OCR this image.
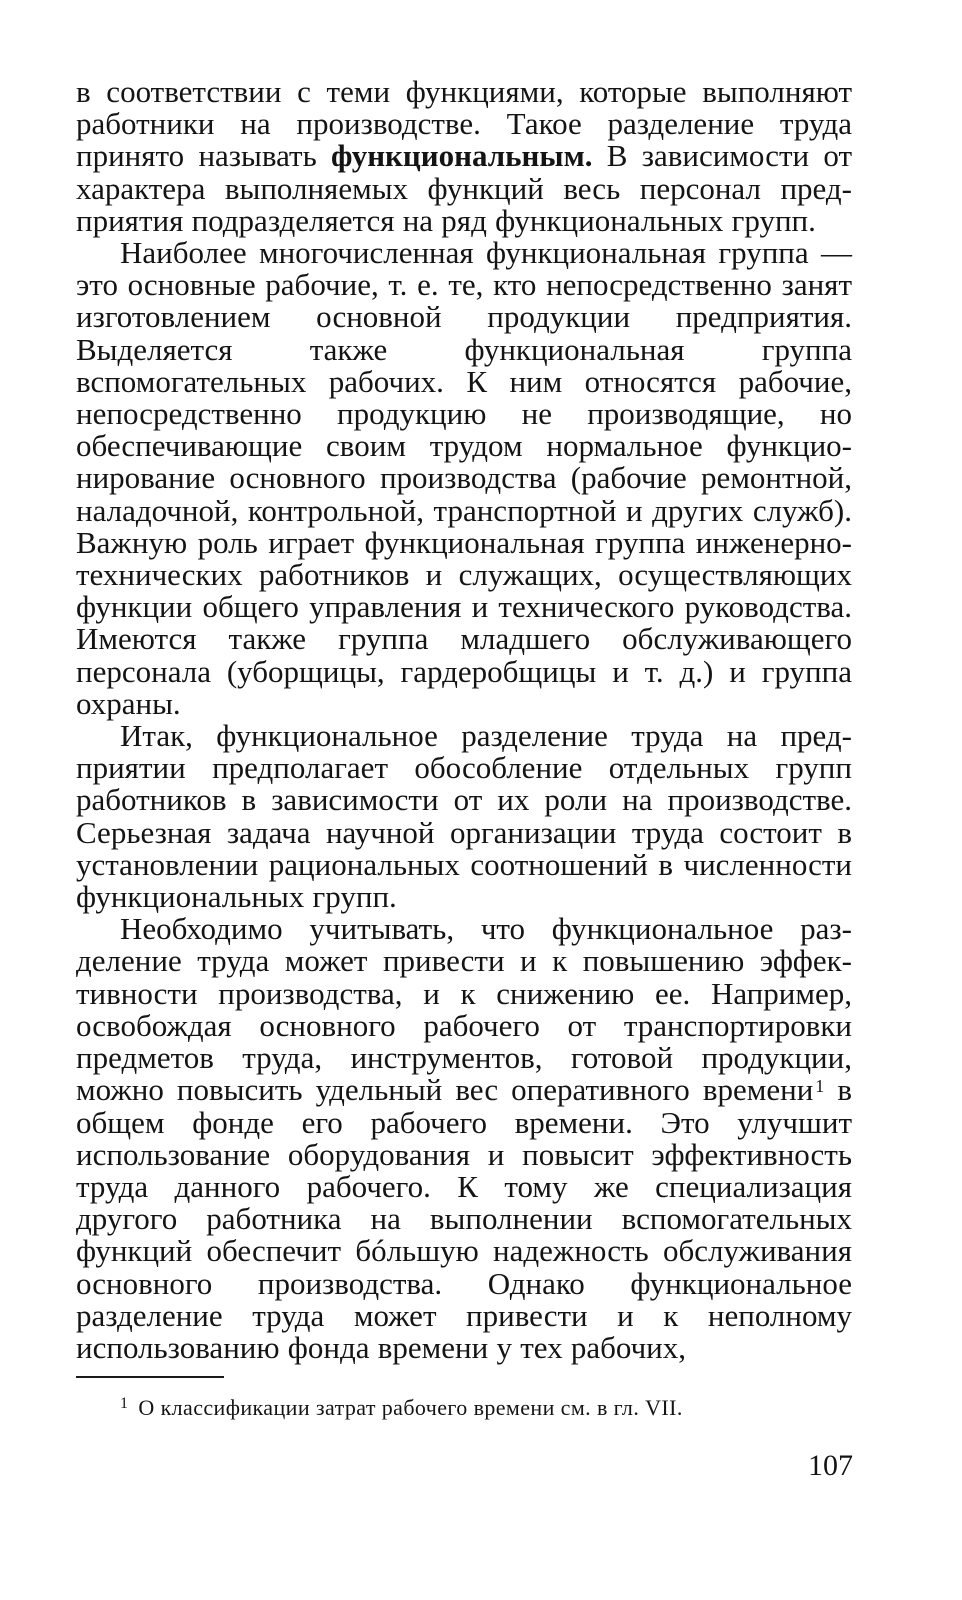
в соответствии с теми функциями, которые выполняют работники на производстве. Такое разделение труда принято называть функциональным. В зависимости от характера выполняемых функций весь персонал предприятия подразделяется на ряд функциональных групп.

Наиболее многочисленная функциональная группа — это основные рабочие, т. е. те, кто непосредственно занят изготовлением основной продукции предприятия. Выделяется также функциональная группа вспомогательных рабочих. К ним относятся рабочие, непосредственно продукцию не производящие, но обеспечивающие своим трудом нормальное функционирование основного производства (рабочие ремонтной, наладочной, контрольной, транспортной и других служб). Важную роль играет функциональная группа инженерно-технических работников и служащих, осуществляющих функции общего управления и технического руководства. Имеются также группа младшего обслуживающего персонала (уборщицы, гардеробщицы и т. д.) и группа охраны.

Итак, функциональное разделение труда на предприятии предполагает обособление отдельных групп работников в зависимости от их роли на производстве. Серьезная задача научной организации труда состоит в установлении рациональных соотношений в численности функциональных групп.

Необходимо учитывать, что функциональное разделение труда может привести и к повышению эффективности производства, и к снижению ее. Например, освобождая основного рабочего от транспортировки предметов труда, инструментов, готовой продукции, можно повысить удельный вес оперативного времени $^1$ в общем фонде его рабочего времени. Это улучшит использование оборудования и повысит эффективность труда данного рабочего. К тому же специализация другого работника на выполнении вспомогательных функций обеспечит бóльшую надежность обслуживания основного производства. Однако функциональное разделение труда может привести и к неполному использованию фонда времени у тех рабочих,

$^1$ О классификации затрат рабочего времени см. в гл. VII.
107
